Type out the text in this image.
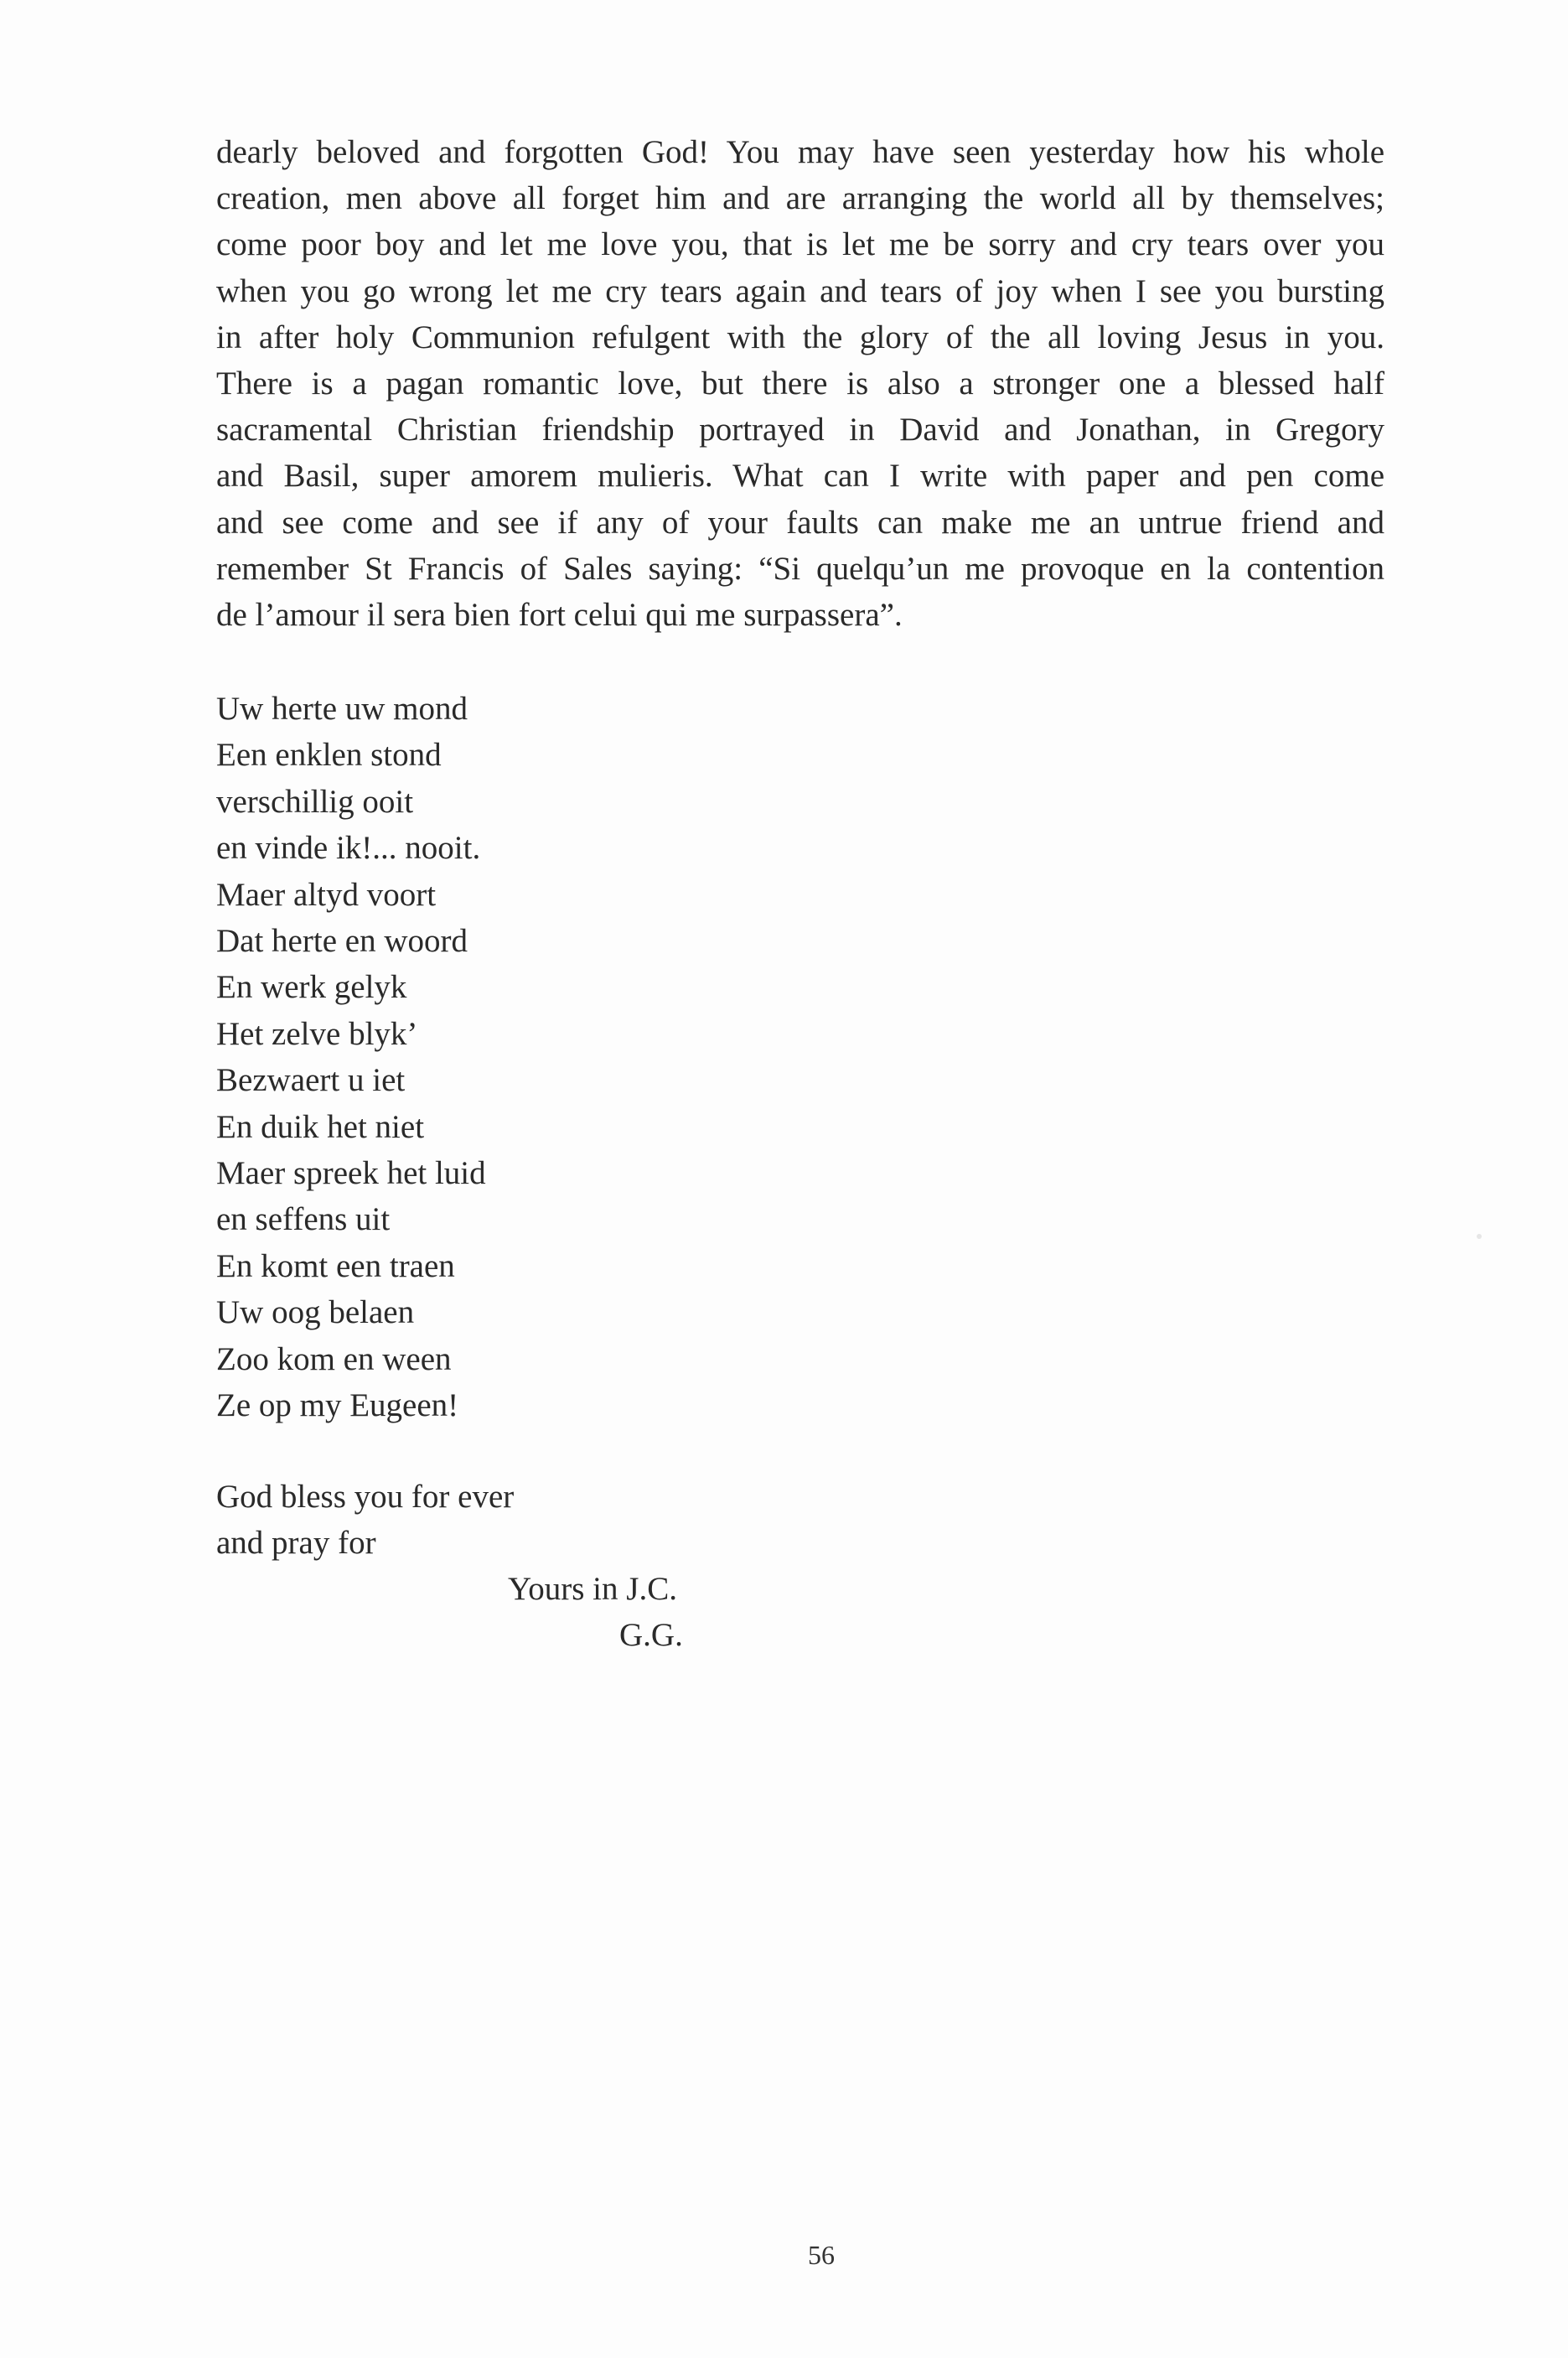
dearly beloved and forgotten God! You may have seen yesterday how his whole
creation, men above all forget him and are arranging the world all by themselves;
come poor boy and let me love you, that is let me be sorry and cry tears over you
when you go wrong let me cry tears again and tears of joy when I see you bursting
in after holy Communion refulgent with the glory of the all loving Jesus in you.
There is a pagan romantic love, but there is also a stronger one a blessed half
sacramental Christian friendship portrayed in David and Jonathan, in Gregory
and Basil, super amorem mulieris. What can I write with paper and pen come
and see come and see if any of your faults can make me an untrue friend and
remember St Francis of Sales saying: “Si quelqu’un me provoque en la contention
de l’amour il sera bien fort celui qui me surpassera”.
Uw herte uw mond
Een enklen stond
verschillig ooit
en vinde ik!... nooit.
Maer altyd voort
Dat herte en woord
En werk gelyk
Het zelve blyk’
Bezwaert u iet
En duik het niet
Maer spreek het luid
en seffens uit
En komt een traen
Uw oog belaen
Zoo kom en ween
Ze op my Eugeen!
God bless you for ever
and pray for
Yours in J.C.
G.G.
56
